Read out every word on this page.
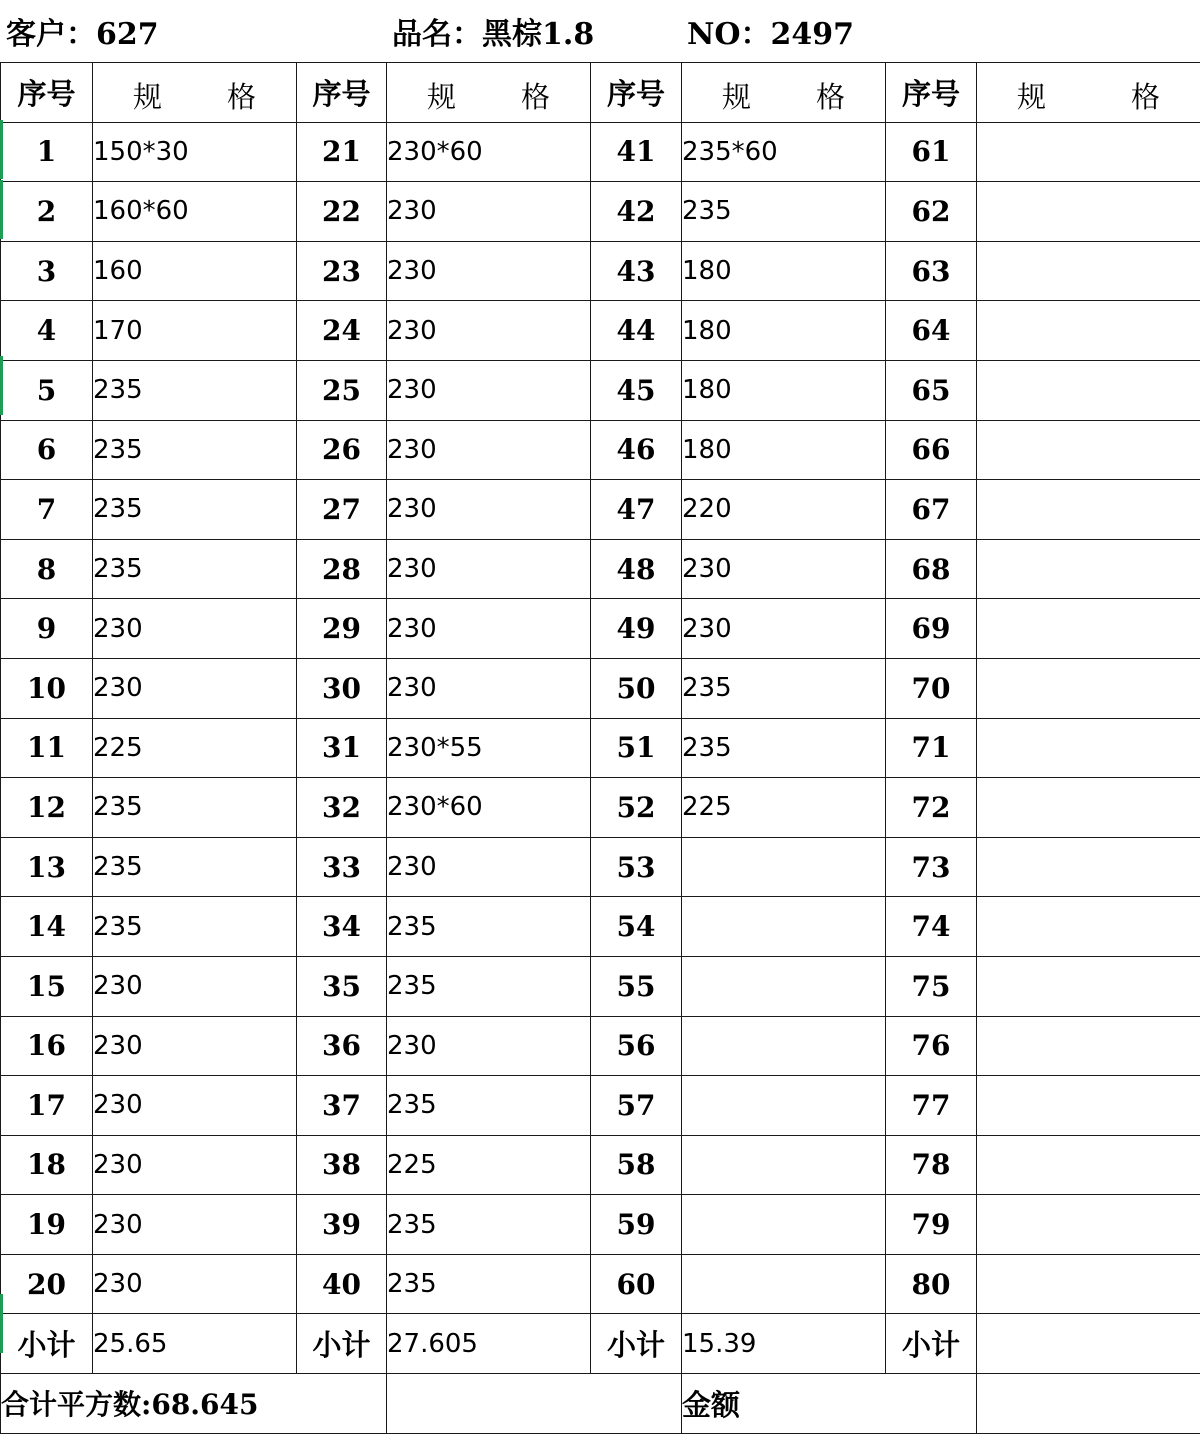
客户：627	品名：黑棕1.8	NO：2497
序号	规 格	序号	规 格	序号	规 格	序号	规 格

1	150*30	21	230*60	41	235*60	61	
2	160*60	22	230	42	235	62	
3	160	23	230	43	180	63	
4	170	24	230	44	180	64	
5	235	25	230	45	180	65	
6	235	26	230	46	180	66	
7	235	27	230	47	220	67	
8	235	28	230	48	230	68	
9	230	29	230	49	230	69	
10	230	30	230	50	235	70	
11	225	31	230*55	51	235	71	
12	235	32	230*60	52	225	72	
13	235	33	230	53		73	
14	235	34	235	54		74	
15	230	35	235	55		75	
16	230	36	230	56		76	
17	230	37	235	57		77	
18	230	38	225	58		78	
19	230	39	235	59		79	
20	230	40	235	60		80	
小计	25.65	小计	27.605	小计	15.39	小计	
合计平方数:68.645					金额		
